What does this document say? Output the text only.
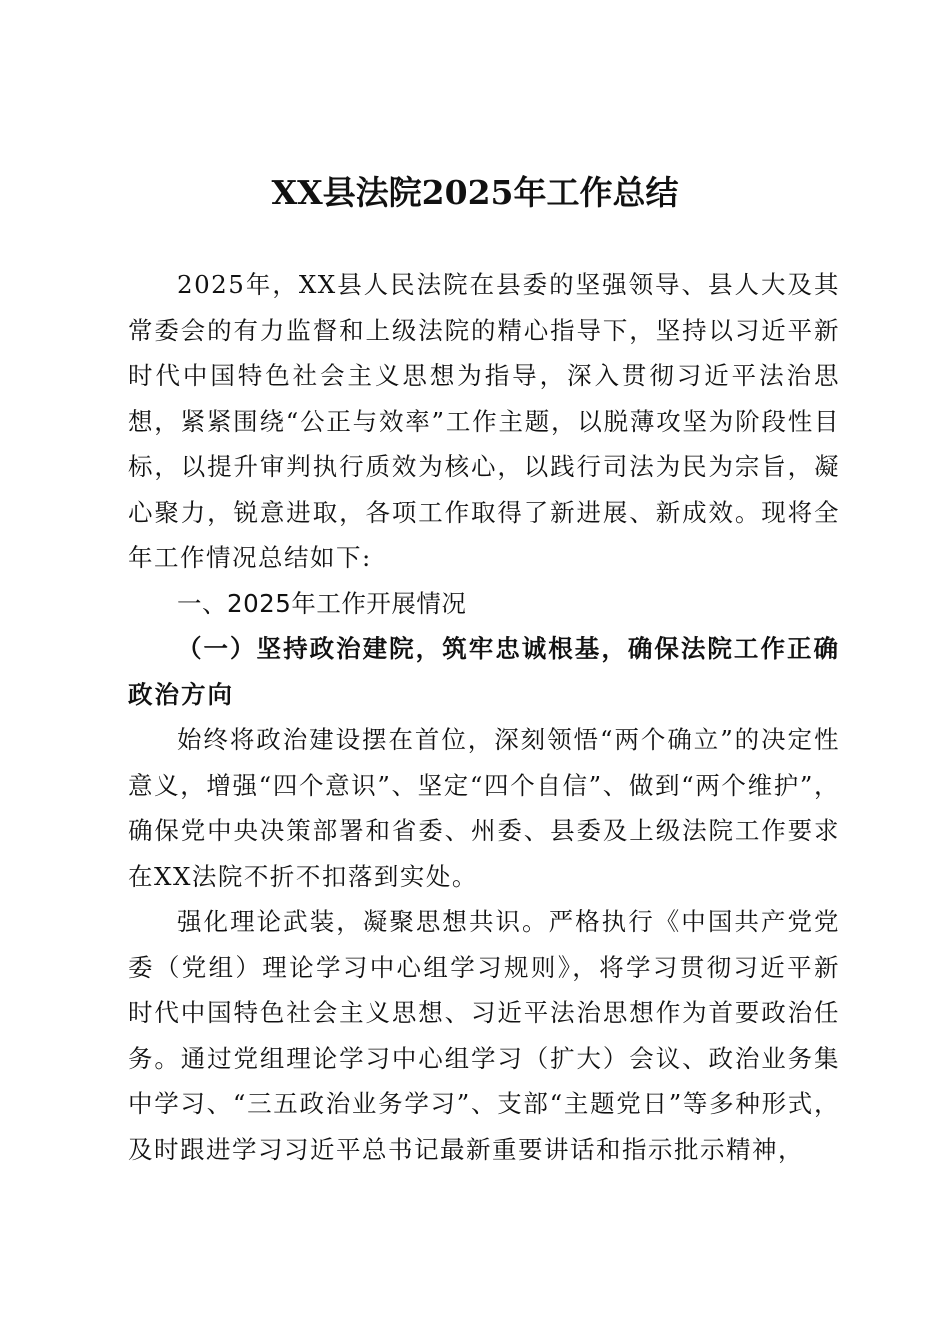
XX县法院2025年工作总结

2025年，XX县人民法院在县委的坚强领导、县人大及其常委会的有力监督和上级法院的精心指导下，坚持以习近平新时代中国特色社会主义思想为指导，深入贯彻习近平法治思想，紧紧围绕“公正与效率”工作主题，以脱薄攻坚为阶段性目标，以提升审判执行质效为核心，以践行司法为民为宗旨，凝心聚力，锐意进取，各项工作取得了新进展、新成效。现将全年工作情况总结如下:

一、2025年工作开展情况

（一）坚持政治建院，筑牢忠诚根基，确保法院工作正确政治方向

始终将政治建设摆在首位，深刻领悟“两个确立”的决定性意义，增强“四个意识”、坚定“四个自信”、做到“两个维护”，确保党中央决策部署和省委、州委、县委及上级法院工作要求在XX法院不折不扣落到实处。

强化理论武装，凝聚思想共识。严格执行《中国共产党党委（党组）理论学习中心组学习规则》，将学习贯彻习近平新时代中国特色社会主义思想、习近平法治思想作为首要政治任务。通过党组理论学习中心组学习（扩大）会议、政治业务集中学习、“三五政治业务学习”、支部“主题党日”等多种形式，及时跟进学习习近平总书记最新重要讲话和指示批示精神，
